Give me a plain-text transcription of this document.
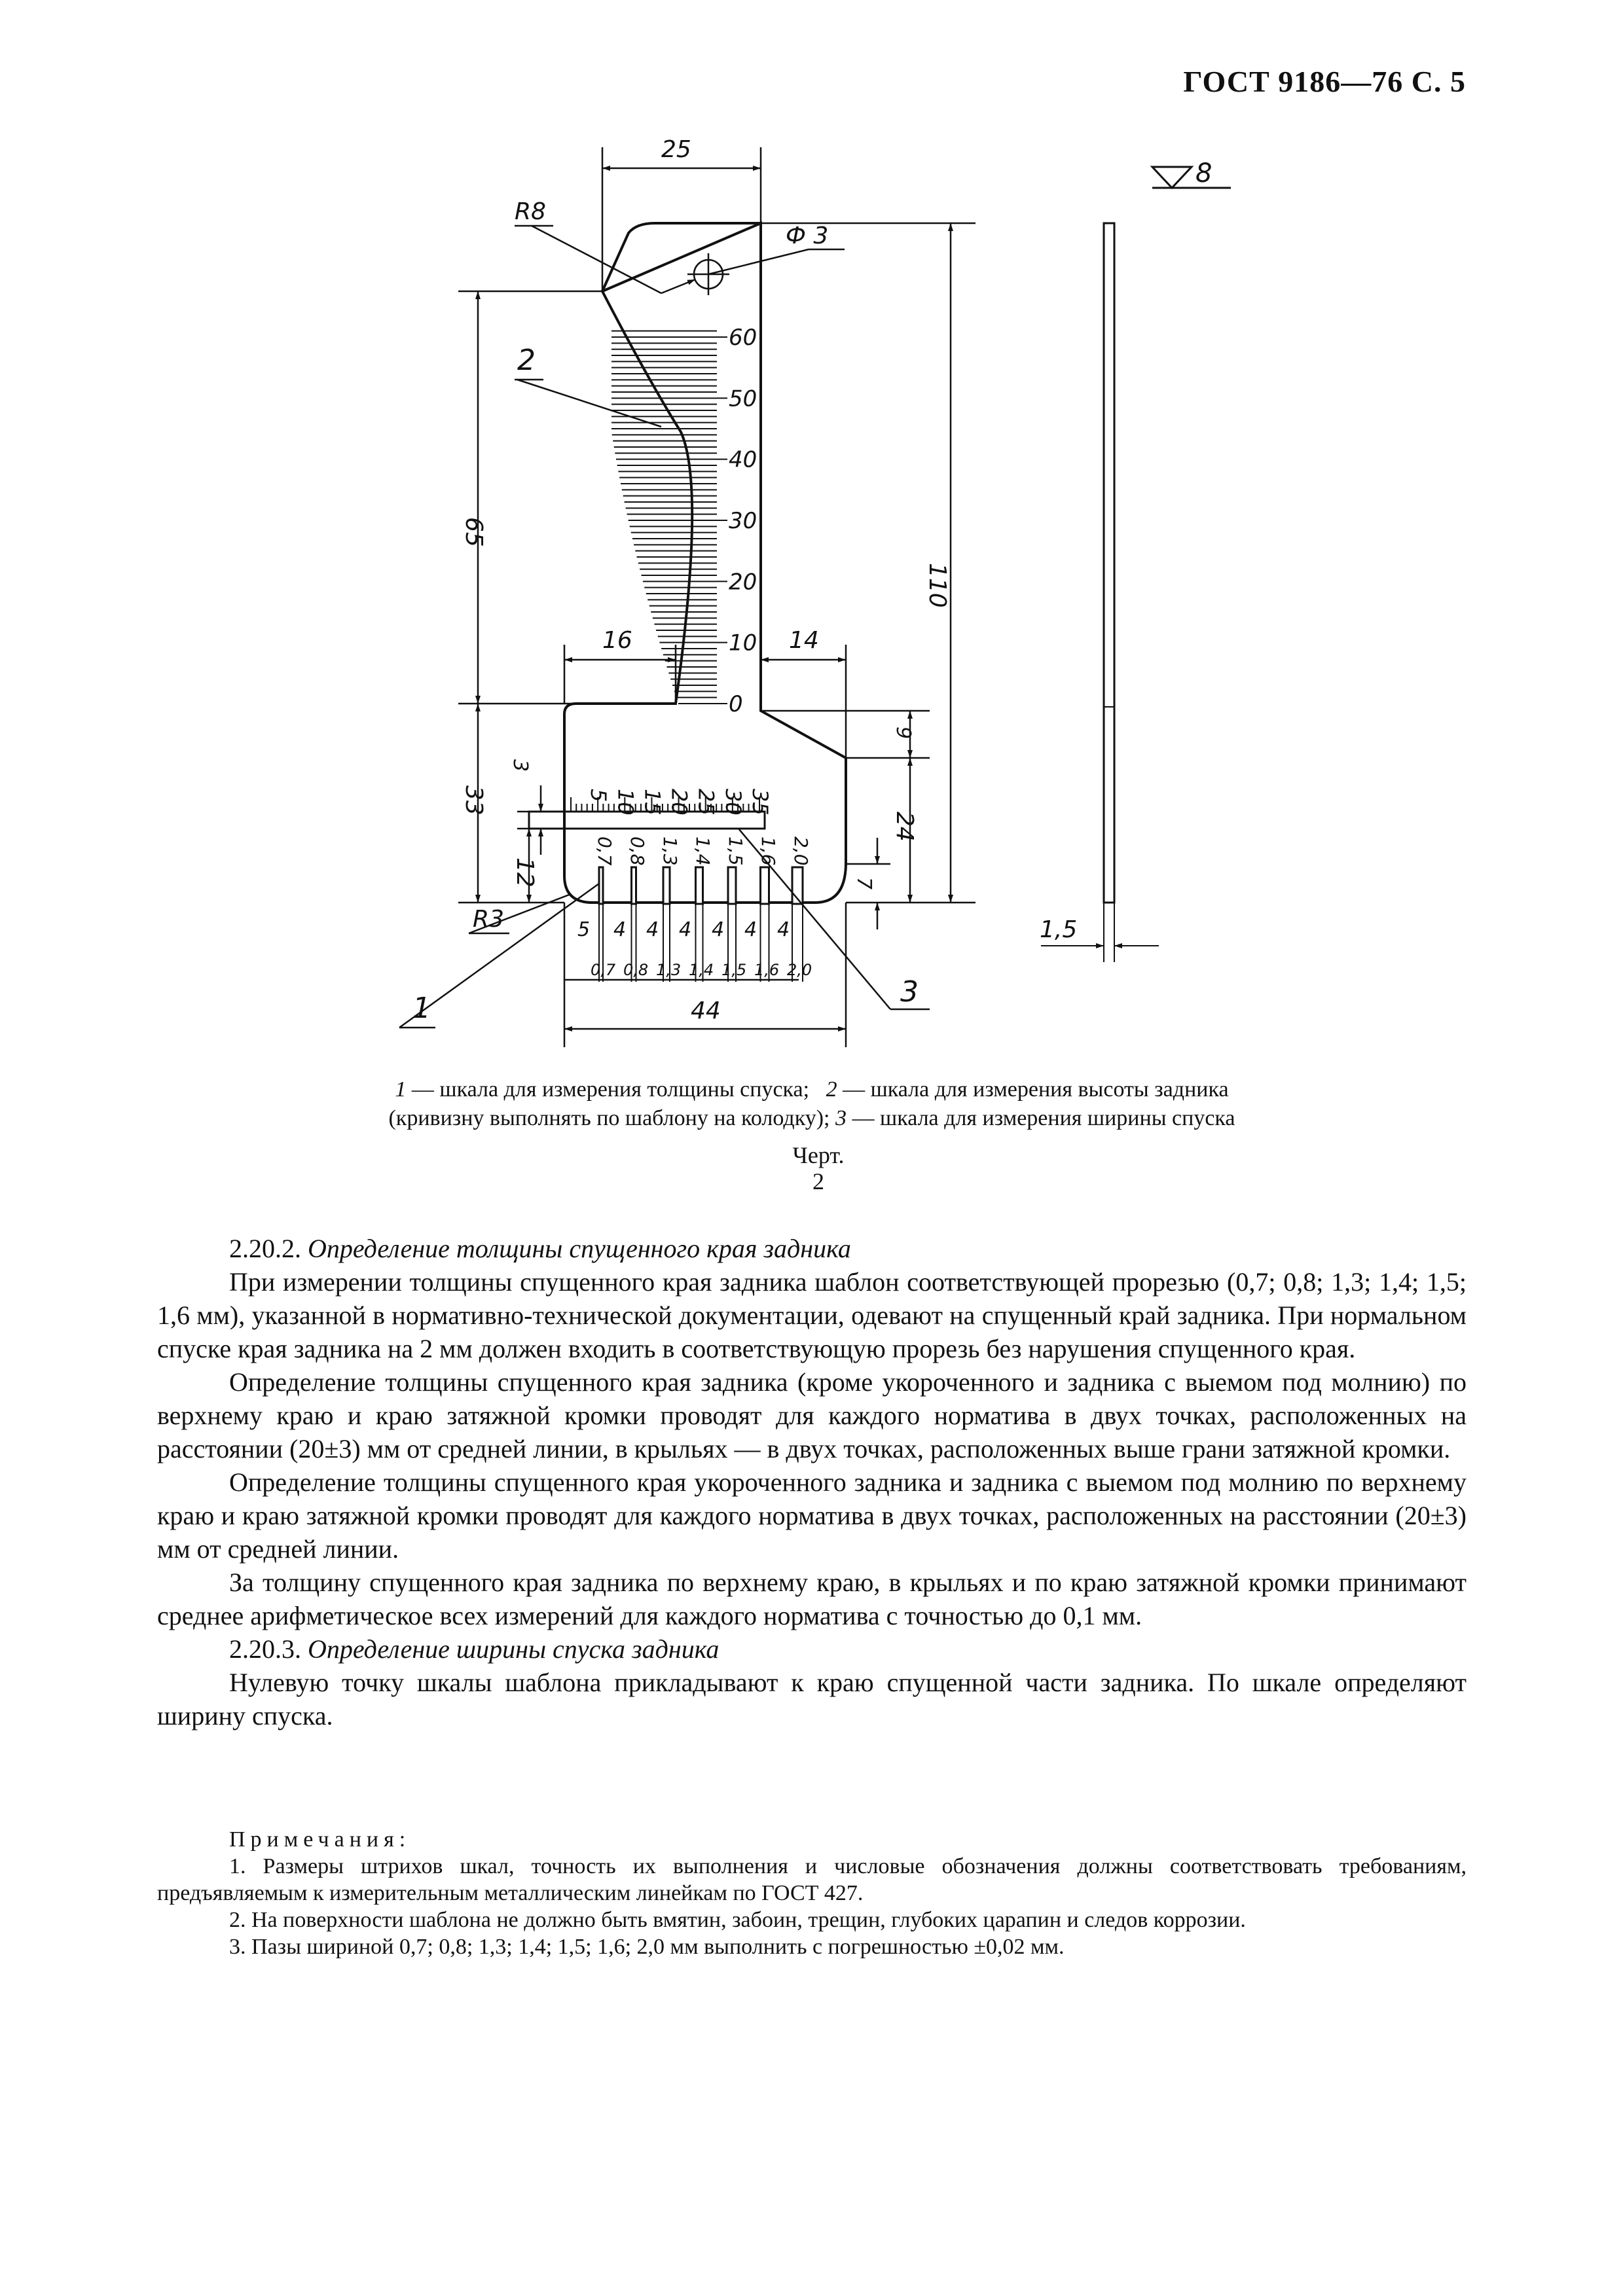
ГОСТ 9186—76 С. 5
0
10
20
30
40
50
60
5 10 15 20 25 30 35
0,7 0,8 1,3 1,4 1,5 1,6 2,0
0,7 0,8 1,3 1,4 1,5 1,6 2,0
5 4 4 4 4 4 4
25
R8
Ф 3
2
65
110
16	14
33
3
9
24
12	7
R3
1	44
3
1,5
8
1 — шкала для измерения толщины спуска; 2 — шкала для измерения высоты задника
(кривизну выполнять по шаблону на колодку); 3 — шкала для измерения ширины спуска
Черт.
2

2.20.2. Определение толщины спущенного края задника

При измерении толщины спущенного края задника шаблон соответствующей прорезью (0,7; 0,8; 1,3; 1,4; 1,5; 1,6 мм), указанной в нормативно-технической документации, одевают на спущенный край задника. При нормальном спуске края задника на 2 мм должен входить в соответствующую прорезь без нарушения спущенного края.

Определение толщины спущенного края задника (кроме укороченного и задника с выемом под молнию) по верхнему краю и краю затяжной кромки проводят для каждого норматива в двух точках, расположенных на расстоянии (20±3) мм от средней линии, в крыльях — в двух точках, расположенных выше грани затяжной кромки.

Определение толщины спущенного края укороченного задника и задника с выемом под молнию по верхнему краю и краю затяжной кромки проводят для каждого норматива в двух точках, расположенных на расстоянии (20±3) мм от средней линии.

За толщину спущенного края задника по верхнему краю, в крыльях и по краю затяжной кромки принимают среднее арифметическое всех измерений для каждого норматива с точностью до 0,1 мм.

2.20.3. Определение ширины спуска задника

Нулевую точку шкалы шаблона прикладывают к краю спущенной части задника. По шкале определяют ширину спуска.

Примечания:

1. Размеры штрихов шкал, точность их выполнения и числовые обозначения должны соответствовать требованиям, предъявляемым к измерительным металлическим линейкам по ГОСТ 427.

2. На поверхности шаблона не должно быть вмятин, забоин, трещин, глубоких царапин и следов коррозии.

3. Пазы шириной 0,7; 0,8; 1,3; 1,4; 1,5; 1,6; 2,0 мм выполнить с погрешностью ±0,02 мм.
